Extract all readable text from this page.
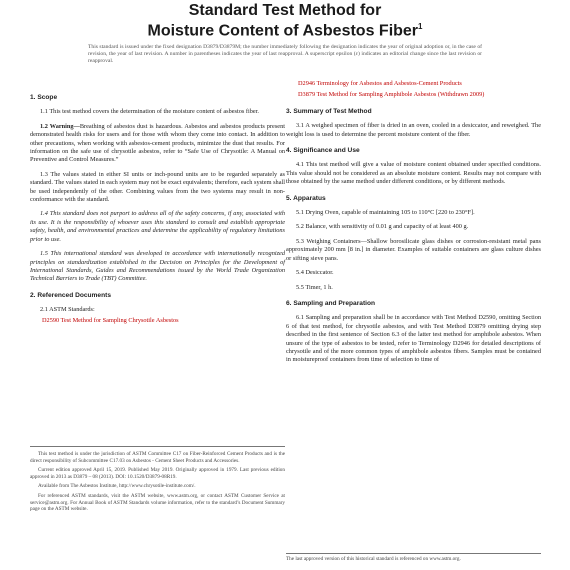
Standard Test Method for
Moisture Content of Asbestos Fiber$^1$
This standard is issued under the fixed designation D3879/D3879M; the number immediately following the designation indicates the year of original adoption or, in the case of revision, the year of last revision. A number in parentheses indicates the year of last reapproval. A superscript epsilon (ε) indicates an editorial change since the last revision or reapproval.
1. Scope

1.1 This test method covers the determination of the moisture content of asbestos fiber.

1.2 Warning—Breathing of asbestos dust is hazardous. Asbestos and asbestos products present demonstrated health risks for users and for those with whom they come into contact. In addition to other precautions, when working with asbestos-cement products, minimize the dust that results. For information on the safe use of chrysotile asbestos, refer to “Safe Use of Chrysotile: A Manual on Preventive and Control Measures.”

1.3 The values stated in either SI units or inch-pound units are to be regarded separately as standard. The values stated in each system may not be exact equivalents; therefore, each system shall be used independently of the other. Combining values from the two systems may result in non-conformance with the standard.

1.4 This standard does not purport to address all of the safety concerns, if any, associated with its use. It is the responsibility of whoever uses this standard to consult and establish appropriate safety, health, and environmental practices and determine the applicability of regulatory limitations prior to use.

1.5 This international standard was developed in accordance with internationally recognized principles on standardization established in the Decision on Principles for the Development of International Standards, Guides and Recommendations issued by the World Trade Organization Technical Barriers to Trade (TBT) Committee.

2. Referenced Documents

2.1 ASTM Standards:

D2590 Test Method for Sampling Chrysotile Asbestos

This test method is under the jurisdiction of ASTM Committee C17 on Fiber-Reinforced Cement Products and is the direct responsibility of Subcommittee C17.03 on Asbestos - Cement Sheet Products and Accessories.

Current edition approved April 15, 2019. Published May 2019. Originally approved in 1979. Last previous edition approved in 2013 as D3879 – 08 (2013). DOI: 10.1520/D3879-08R19.

Available from The Asbestos Institute, http://www.chrysotile-institute.com/.

For referenced ASTM standards, visit the ASTM website, www.astm.org, or contact ASTM Customer Service at service@astm.org. For Annual Book of ASTM Standards volume information, refer to the standard’s Document Summary page on the ASTM website.

D2946 Terminology for Asbestos and Asbestos-Cement Products
D3879 Test Method for Sampling Amphibole Asbestos (Withdrawn 2009)
3. Summary of Test Method

3.1 A weighed specimen of fiber is dried in an oven, cooled in a desiccator, and reweighed. The weight loss is used to determine the percent moisture content of the fiber.

4. Significance and Use

4.1 This test method will give a value of moisture content obtained under specified conditions. This value should not be considered as an absolute moisture content. Results may not compare with those obtained by the same method under different conditions, or by different methods.

5. Apparatus

5.1 Drying Oven, capable of maintaining 105 to 110°C [220 to 230°F].

5.2 Balance, with sensitivity of 0.01 g and capacity of at least 400 g.

5.3 Weighing Containers—Shallow borosilicate glass dishes or corrosion-resistant metal pans approximately 200 mm [8 in.] in diameter. Examples of suitable containers are glass culture dishes or sifting sieve pans.

5.4 Desiccator.

5.5 Timer, 1 h.

6. Sampling and Preparation

6.1 Sampling and preparation shall be in accordance with Test Method D2590, omitting Section 6 of that test method, for chrysotile asbestos, and with Test Method D3879 omitting drying step described in the first sentence of Section 6.3 of the latter test method for amphibole asbestos. When unsure of the type of asbestos to be tested, refer to Terminology D2946 for detailed descriptions of chrysotile and of the more common types of amphibole asbestos fibers. Samples must be contained in moistureproof containers from time of selection to time of

The last approved version of this historical standard is referenced on www.astm.org.
